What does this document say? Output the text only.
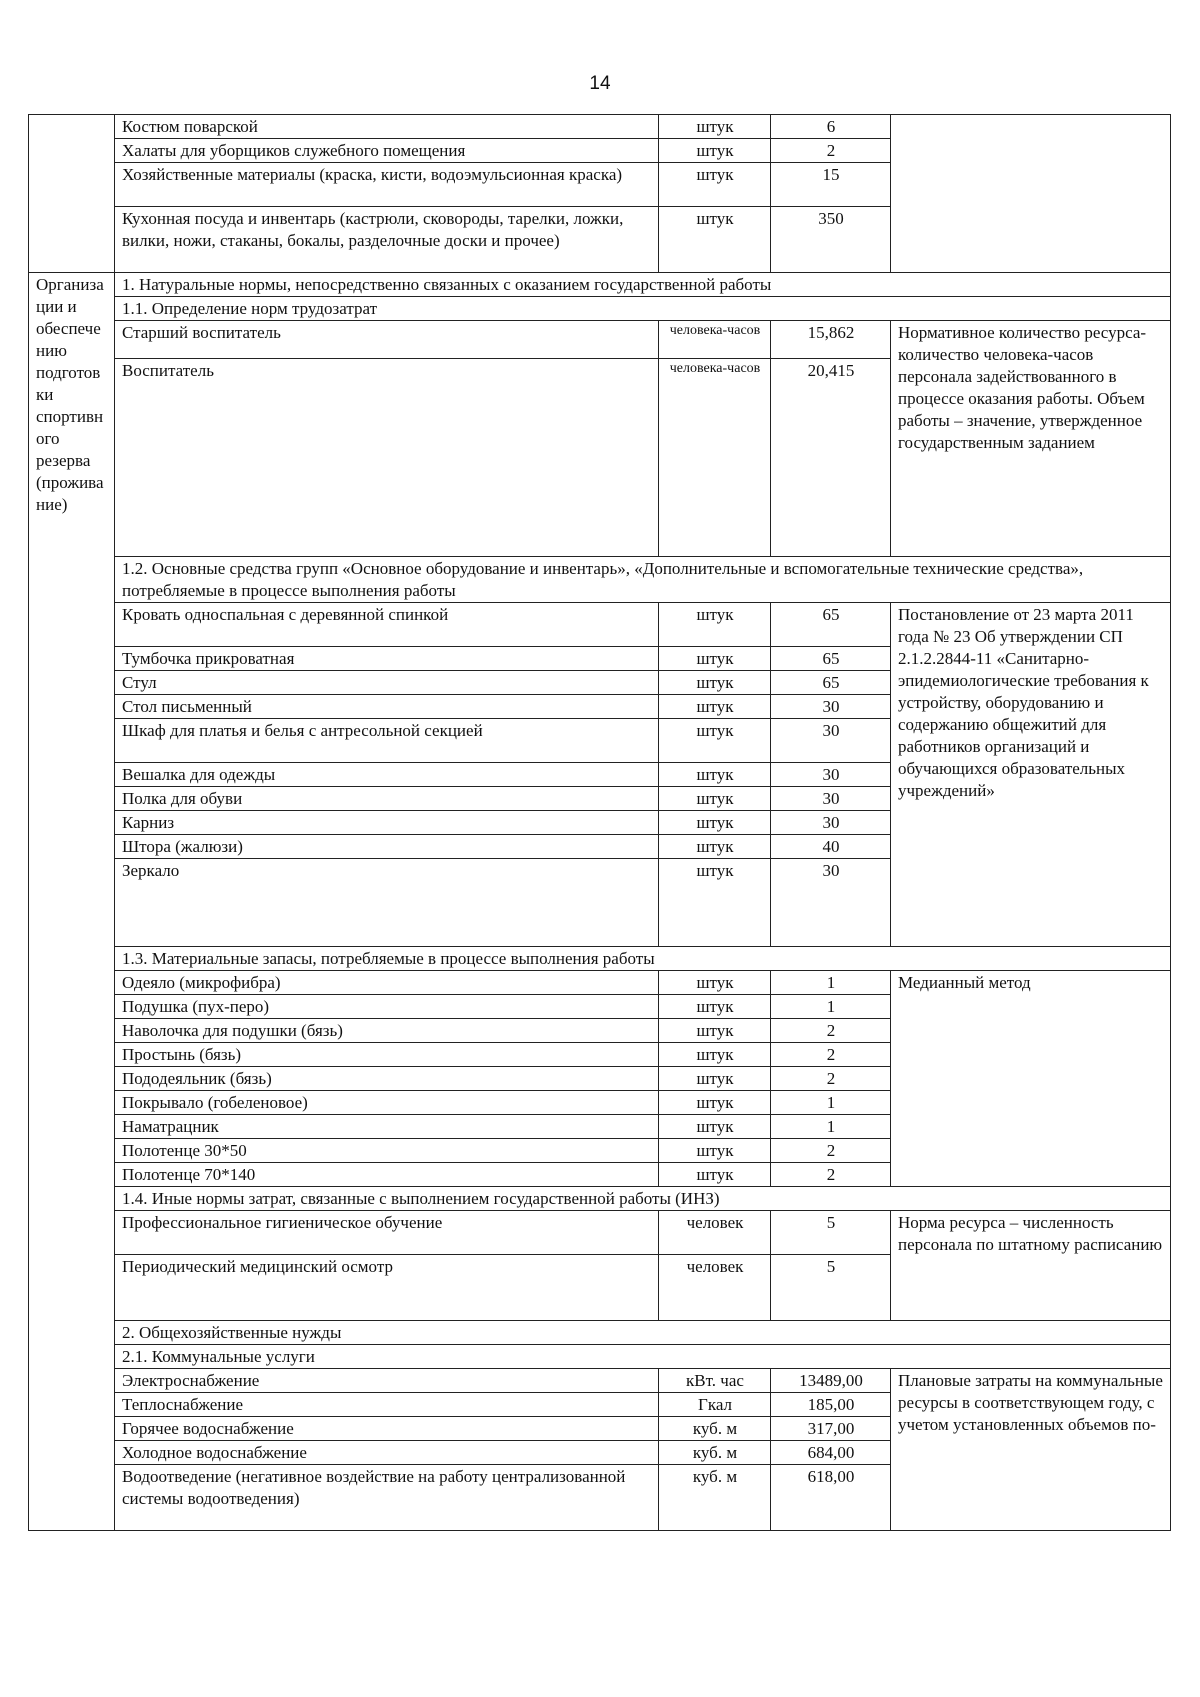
14
	Костюм поварской	штук	6	
	Халаты для уборщиков служебного помещения	штук	2	
	Хозяйственные материалы (краска, кисти, водоэмульсионная краска)	штук	15	
	Кухонная посуда и инвентарь (кастрюли, сковороды, тарелки, ложки, вилки, ножи, стаканы, бокалы, разделочные доски и прочее)	штук	350	
Организации и обеспечению подготовки спортивного резерва (проживание)	1. Натуральные нормы, непосредственно связанных с оказанием государственной работы			
	1.1. Определение норм трудозатрат			
	Старший воспитатель	человека-часов	15,862	Нормативное количество ресурса-количество человека-часов персонала задействованного в процессе оказания работы. Объем работы – значение, утвержденное государственным заданием
	Воспитатель	человека-часов	20,415	
	1.2. Основные средства групп «Основное оборудование и инвентарь», «Дополнительные и вспомогательные технические средства», потребляемые в процессе выполнения работы			
	Кровать односпальная с деревянной спинкой	штук	65	Постановление от 23 марта 2011 года № 23 Об утверждении СП 2.1.2.2844-11 «Санитарно-эпидемиологические требования к устройству, оборудованию и содержанию общежитий для работников организаций и обучающихся образовательных учреждений»
	Тумбочка прикроватная	штук	65	
	Стул	штук	65	
	Стол письменный	штук	30	
	Шкаф для платья и белья с антресольной секцией	штук	30	
	Вешалка для одежды	штук	30	
	Полка для обуви	штук	30	
	Карниз	штук	30	
	Штора (жалюзи)	штук	40	
	Зеркало	штук	30	
	1.3. Материальные запасы, потребляемые в процессе выполнения работы			
	Одеяло (микрофибра)	штук	1	Медианный метод
	Подушка (пух-перо)	штук	1	
	Наволочка для подушки (бязь)	штук	2	
	Простынь (бязь)	штук	2	
	Пододеяльник (бязь)	штук	2	
	Покрывало (гобеленовое)	штук	1	
	Наматрацник	штук	1	
	Полотенце 30*50	штук	2	
	Полотенце 70*140	штук	2	
	1.4. Иные нормы затрат, связанные с выполнением государственной работы (ИНЗ)			
	Профессиональное гигиеническое обучение	человек	5	Норма ресурса – численность персонала по штатному расписанию
	Периодический медицинский осмотр	человек	5	
	2. Общехозяйственные нужды			
	2.1. Коммунальные услуги			
	Электроснабжение	кВт. час	13489,00	Плановые затраты на коммунальные ресурсы в соответствующем году, с учетом установленных объемов по-
	Теплоснабжение	Гкал	185,00	
	Горячее водоснабжение	куб. м	317,00	
	Холодное водоснабжение	куб. м	684,00	
	Водоотведение (негативное воздействие на работу централизованной системы водоотведения)	куб. м	618,00	
